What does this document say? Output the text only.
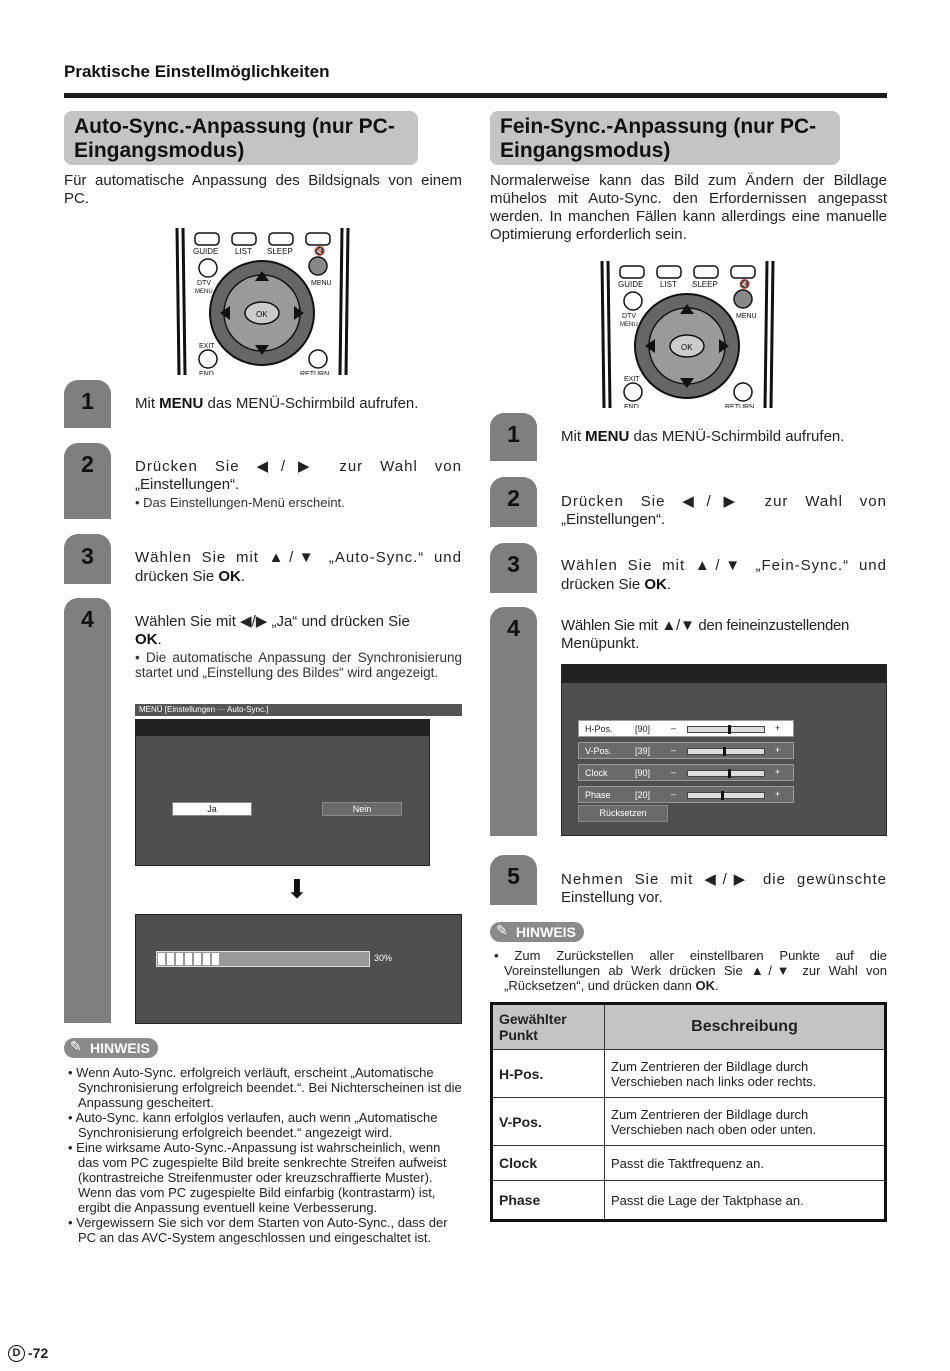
Praktische Einstellmöglichkeiten
Auto-Sync.-Anpassung (nur PC-
Eingangsmodus)
Für automatische Anpassung des Bildsignals von einem PC.
GUIDE LIST SLEEP 🔇
DTV
MENU
MENU
OK
EXIT
END	RETURN
1
2
3
4
Mit MENU das MENÜ-Schirmbild aufrufen.
Drücken Sie ◀/▶ zur Wahl von
„Einstellungen“.
• Das Einstellungen-Menü erscheint.
Wählen Sie mit ▲/▼ „Auto-Sync.“ und
drücken Sie OK.
Wählen Sie mit ◀/▶ „Ja“ und drücken Sie
OK.
• Die automatische Anpassung der Synchronisierung startet und „Einstellung des Bildes“ wird angezeigt.
MENÜ [Einstellungen ··· Auto-Sync.]
Ja	Nein
⬇
30%
✎ HINWEIS
• Wenn Auto-Sync. erfolgreich verläuft, erscheint „Automatische Synchronisierung erfolgreich beendet.“. Bei Nichterscheinen ist die Anpassung gescheitert.
• Auto-Sync. kann erfolglos verlaufen, auch wenn „Automatische Synchronisierung erfolgreich beendet.“ angezeigt wird.
• Eine wirksame Auto-Sync.-Anpassung ist wahrscheinlich, wenn das vom PC zugespielte Bild breite senkrechte Streifen aufweist (kontrastreiche Streifenmuster oder kreuzschraffierte Muster). Wenn das vom PC zugespielte Bild einfarbig (kontrastarm) ist, ergibt die Anpassung eventuell keine Verbesserung.
• Vergewissern Sie sich vor dem Starten von Auto-Sync., dass der PC an das AVC-System angeschlossen und eingeschaltet ist.
Fein-Sync.-Anpassung (nur PC-
Eingangsmodus)
Normalerweise kann das Bild zum Ändern der Bildlage mühelos mit Auto-Sync. den Erfordernissen angepasst werden. In manchen Fällen kann allerdings eine manuelle Optimierung erforderlich sein.
GUIDE LIST SLEEP 🔇
DTV
MENU
MENU
OK
EXIT
END	RETURN
1
2
3
4
5
Mit MENU das MENÜ-Schirmbild aufrufen.
Drücken Sie ◀/▶ zur Wahl von
„Einstellungen“.
Wählen Sie mit ▲/▼ „Fein-Sync.“ und
drücken Sie OK.
Wählen Sie mit ▲/▼ den feineinzustellenden
Menüpunkt.
H-Pos. [90] –	+
V-Pos.	[39] –	+
Clock	[90] –	+
Phase	[20] –	+
Rücksetzen
Nehmen Sie mit ◀/▶ die gewünschte
Einstellung vor.
✎ HINWEIS
• Zum Zurückstellen aller einstellbaren Punkte auf die Voreinstellungen ab Werk drücken Sie ▲/▼ zur Wahl von „Rücksetzen“, und drücken dann OK.
Gewählter Punkt	Beschreibung
H-Pos.	Zum Zentrieren der Bildlage durch Verschieben nach links oder rechts.
V-Pos.	Zum Zentrieren der Bildlage durch Verschieben nach oben oder unten.
Clock	Passt die Taktfrequenz an.
Phase	Passt die Lage der Taktphase an.
D -72
